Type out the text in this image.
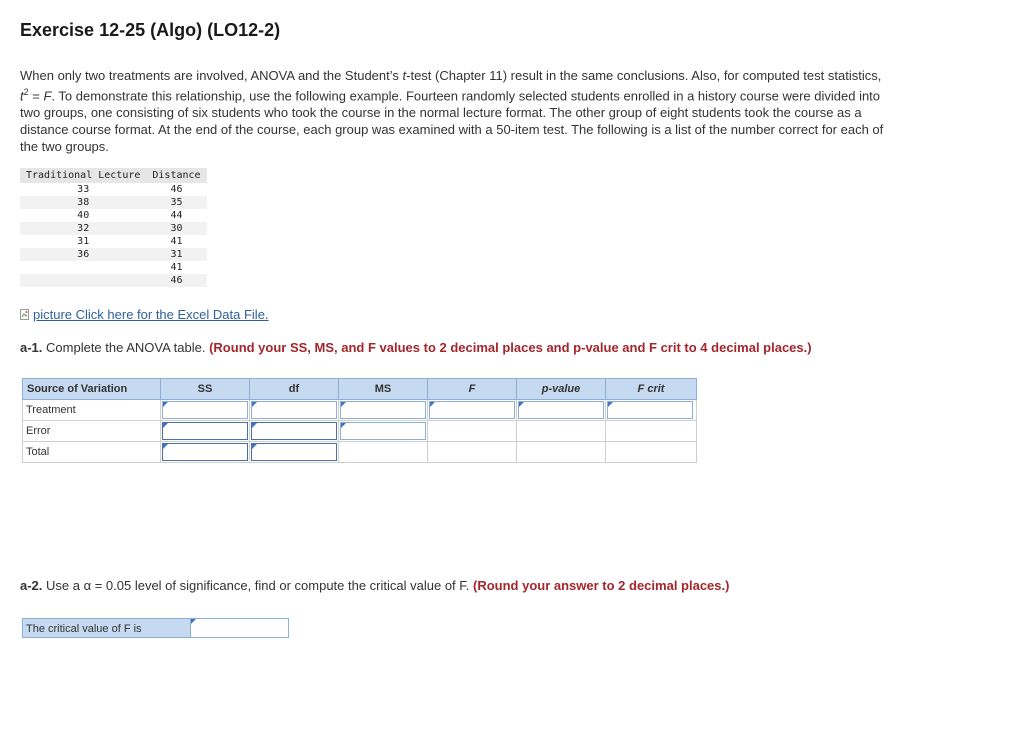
Exercise 12-25 (Algo) (LO12-2)
When only two treatments are involved, ANOVA and the Student’s t-test (Chapter 11) result in the same conclusions. Also, for computed test statistics, $t^2 = F$. To demonstrate this relationship, use the following example. Fourteen randomly selected students enrolled in a history course were divided into two groups, one consisting of six students who took the course in the normal lecture format. The other group of eight students took the course as a distance course format. At the end of the course, each group was examined with a 50-item test. The following is a list of the number correct for each of the two groups.
Traditional Lecture	Distance
33	46
38	35
40	44
32	30
31	41
36	31
	41
	46
picture Click here for the Excel Data File.
a-1. Complete the ANOVA table. (Round your SS, MS, and F values to 2 decimal places and p-value and F crit to 4 decimal places.)
Source of Variation	SS	df	MS	F	p-value	F crit
Treatment	

Error	

Total	

a-2. Use a α = 0.05 level of significance, find or compute the critical value of F. (Round your answer to 2 decimal places.)
The critical value of F is
